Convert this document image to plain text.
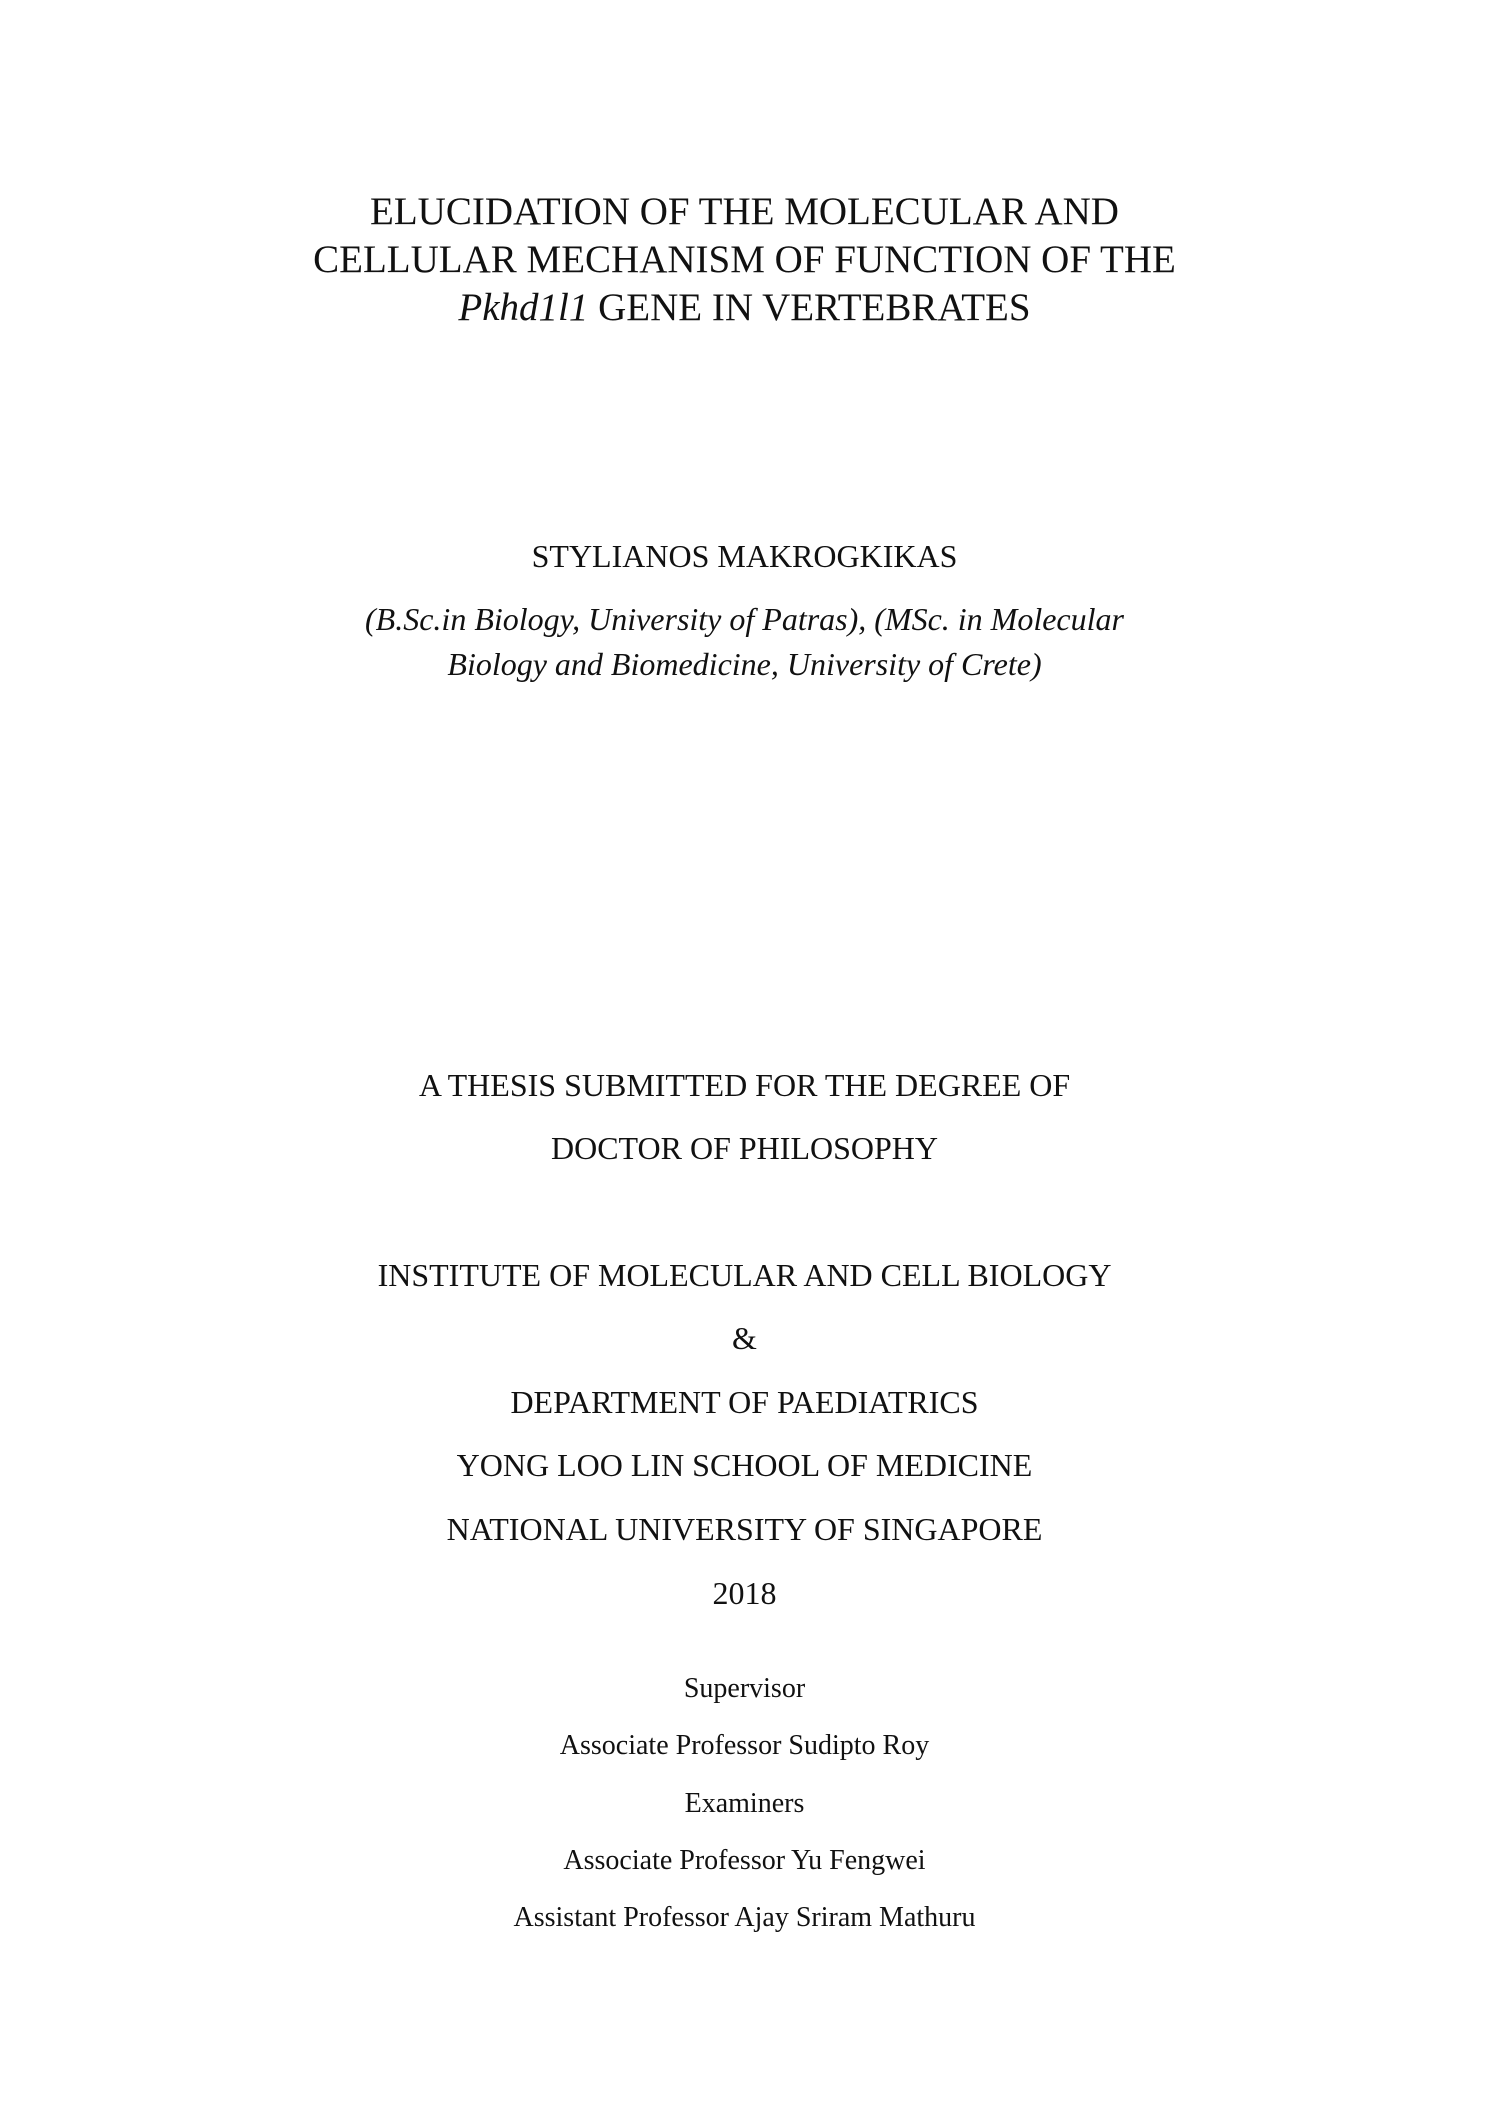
ELUCIDATION OF THE MOLECULAR AND
CELLULAR MECHANISM OF FUNCTION OF THE
Pkhd1l1 GENE IN VERTEBRATES
STYLIANOS MAKROGKIKAS
(B.Sc.in Biology, University of Patras), (MSc. in Molecular
Biology and Biomedicine, University of Crete)
A THESIS SUBMITTED FOR THE DEGREE OF
DOCTOR OF PHILOSOPHY
INSTITUTE OF MOLECULAR AND CELL BIOLOGY
&
DEPARTMENT OF PAEDIATRICS
YONG LOO LIN SCHOOL OF MEDICINE
NATIONAL UNIVERSITY OF SINGAPORE
2018
Supervisor
Associate Professor Sudipto Roy
Examiners
Associate Professor Yu Fengwei
Assistant Professor Ajay Sriram Mathuru
